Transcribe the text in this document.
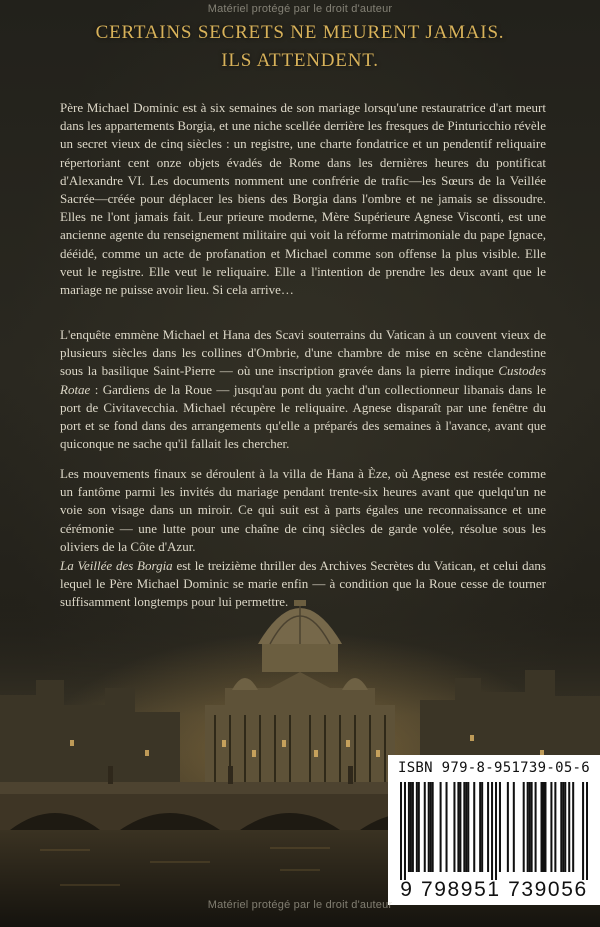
Matériel protégé par le droit d'auteur
CERTAINS SECRETS NE MEURENT JAMAIS.
ILS ATTENDENT.

Père Michael Dominic est à six semaines de son mariage lorsqu'une restauratrice d'art meurt dans les appartements Borgia, et une niche scellée derrière les fresques de Pinturicchio révèle un secret vieux de cinq siècles : un registre, une charte fondatrice et un pendentif reliquaire répertoriant cent onze objets évadés de Rome dans les dernières heures du pontificat d'Alexandre VI. Les documents nomment une confrérie de trafic—les Sœurs de la Veillée Sacrée—créée pour déplacer les biens des Borgia dans l'ombre et ne jamais se dissoudre. Elles ne l'ont jamais fait. Leur prieure moderne, Mère Supérieure Agnese Visconti, est une ancienne agente du renseignement militaire qui voit la réforme matrimoniale du pape Ignace, dééidé, comme un acte de profanation et Michael comme son offense la plus visible. Elle veut le registre. Elle veut le reliquaire. Elle a l'intention de prendre les deux avant que le mariage ne puisse avoir lieu. Si cela arrive…

L'enquête emmène Michael et Hana des Scavi souterrains du Vatican à un couvent vieux de plusieurs siècles dans les collines d'Ombrie, d'une chambre de mise en scène clandestine sous la basilique Saint-Pierre — où une inscription gravée dans la pierre indique Custodes Rotae : Gardiens de la Roue — jusqu'au pont du yacht d'un collectionneur libanais dans le port de Civitavecchia. Michael récupère le reliquaire. Agnese disparaît par une fenêtre du port et se fond dans des arrangements qu'elle a préparés des semaines à l'avance, avant que quiconque ne sache qu'il fallait les chercher.

Les mouvements finaux se déroulent à la villa de Hana à Èze, où Agnese est restée comme un fantôme parmi les invités du mariage pendant trente-six heures avant que quelqu'un ne voie son visage dans un miroir. Ce qui suit est à parts égales une reconnaissance et une cérémonie — une lutte pour une chaîne de cinq siècles de garde volée, résolue sous les oliviers de la Côte d'Azur.

La Veillée des Borgia est le treizième thriller des Archives Secrètes du Vatican, et celui dans lequel le Père Michael Dominic se marie enfin — à condition que la Roue cesse de tourner

ISBN 979-8-951739-05-6
9 798951 739056
Matériel protégé par le droit d'auteur
